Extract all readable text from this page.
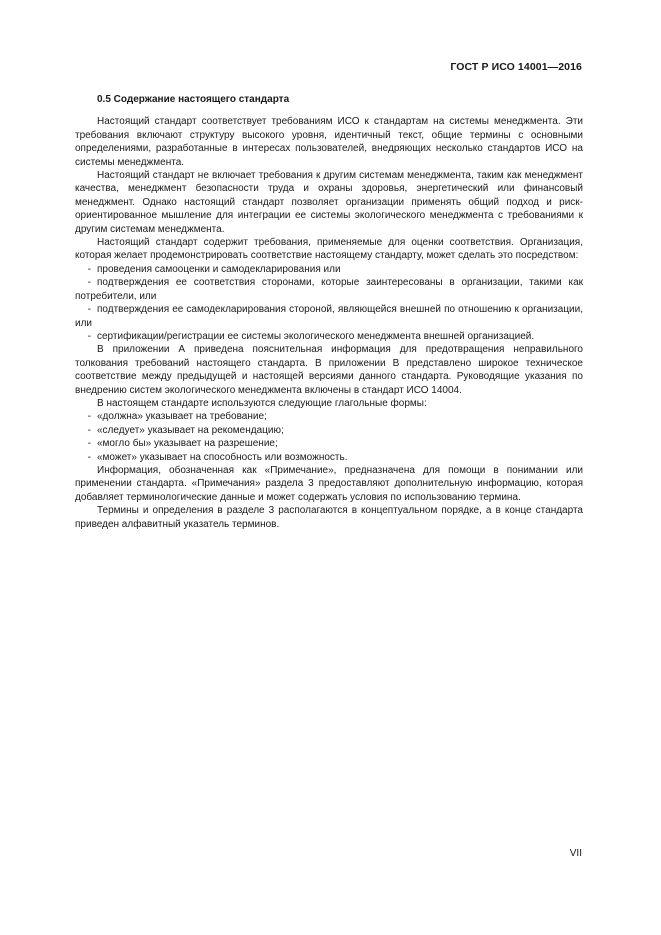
ГОСТ Р ИСО 14001—2016

0.5 Содержание настоящего стандарта

Настоящий стандарт соответствует требованиям ИСО к стандартам на системы менеджмента. Эти требования включают структуру высокого уровня, идентичный текст, общие термины с основными определениями, разработанные в интересах пользователей, внедряющих несколько стандартов ИСО на системы менеджмента.

Настоящий стандарт не включает требования к другим системам менеджмента, таким как менеджмент качества, менеджмент безопасности труда и охраны здоровья, энергетический или финансовый менеджмент. Однако настоящий стандарт позволяет организации применять общий подход и риск-ориентированное мышление для интеграции ее системы экологического менеджмента с требованиями к другим системам менеджмента.

Настоящий стандарт содержит требования, применяемые для оценки соответствия. Организация, которая желает продемонстрировать соответствие настоящему стандарту, может сделать это посредством:

- проведения самооценки и самодекларирования или

- подтверждения ее соответствия сторонами, которые заинтересованы в организации, такими как потребители, или

- подтверждения ее самодекларирования стороной, являющейся внешней по отношению к организации, или

- сертификации/регистрации ее системы экологического менеджмента внешней организацией.

В приложении А приведена пояснительная информация для предотвращения неправильного толкования требований настоящего стандарта. В приложении В представлено широкое техническое соответствие между предыдущей и настоящей версиями данного стандарта. Руководящие указания по внедрению систем экологического менеджмента включены в стандарт ИСО 14004.

В настоящем стандарте используются следующие глагольные формы:

- «должна» указывает на требование;

- «следует» указывает на рекомендацию;

- «могло бы» указывает на разрешение;

- «может» указывает на способность или возможность.

Информация, обозначенная как «Примечание», предназначена для помощи в понимании или применении стандарта. «Примечания» раздела 3 предоставляют дополнительную информацию, которая добавляет терминологические данные и может содержать условия по использованию термина.

Термины и определения в разделе 3 располагаются в концептуальном порядке, а в конце стандарта приведен алфавитный указатель терминов.

VII
